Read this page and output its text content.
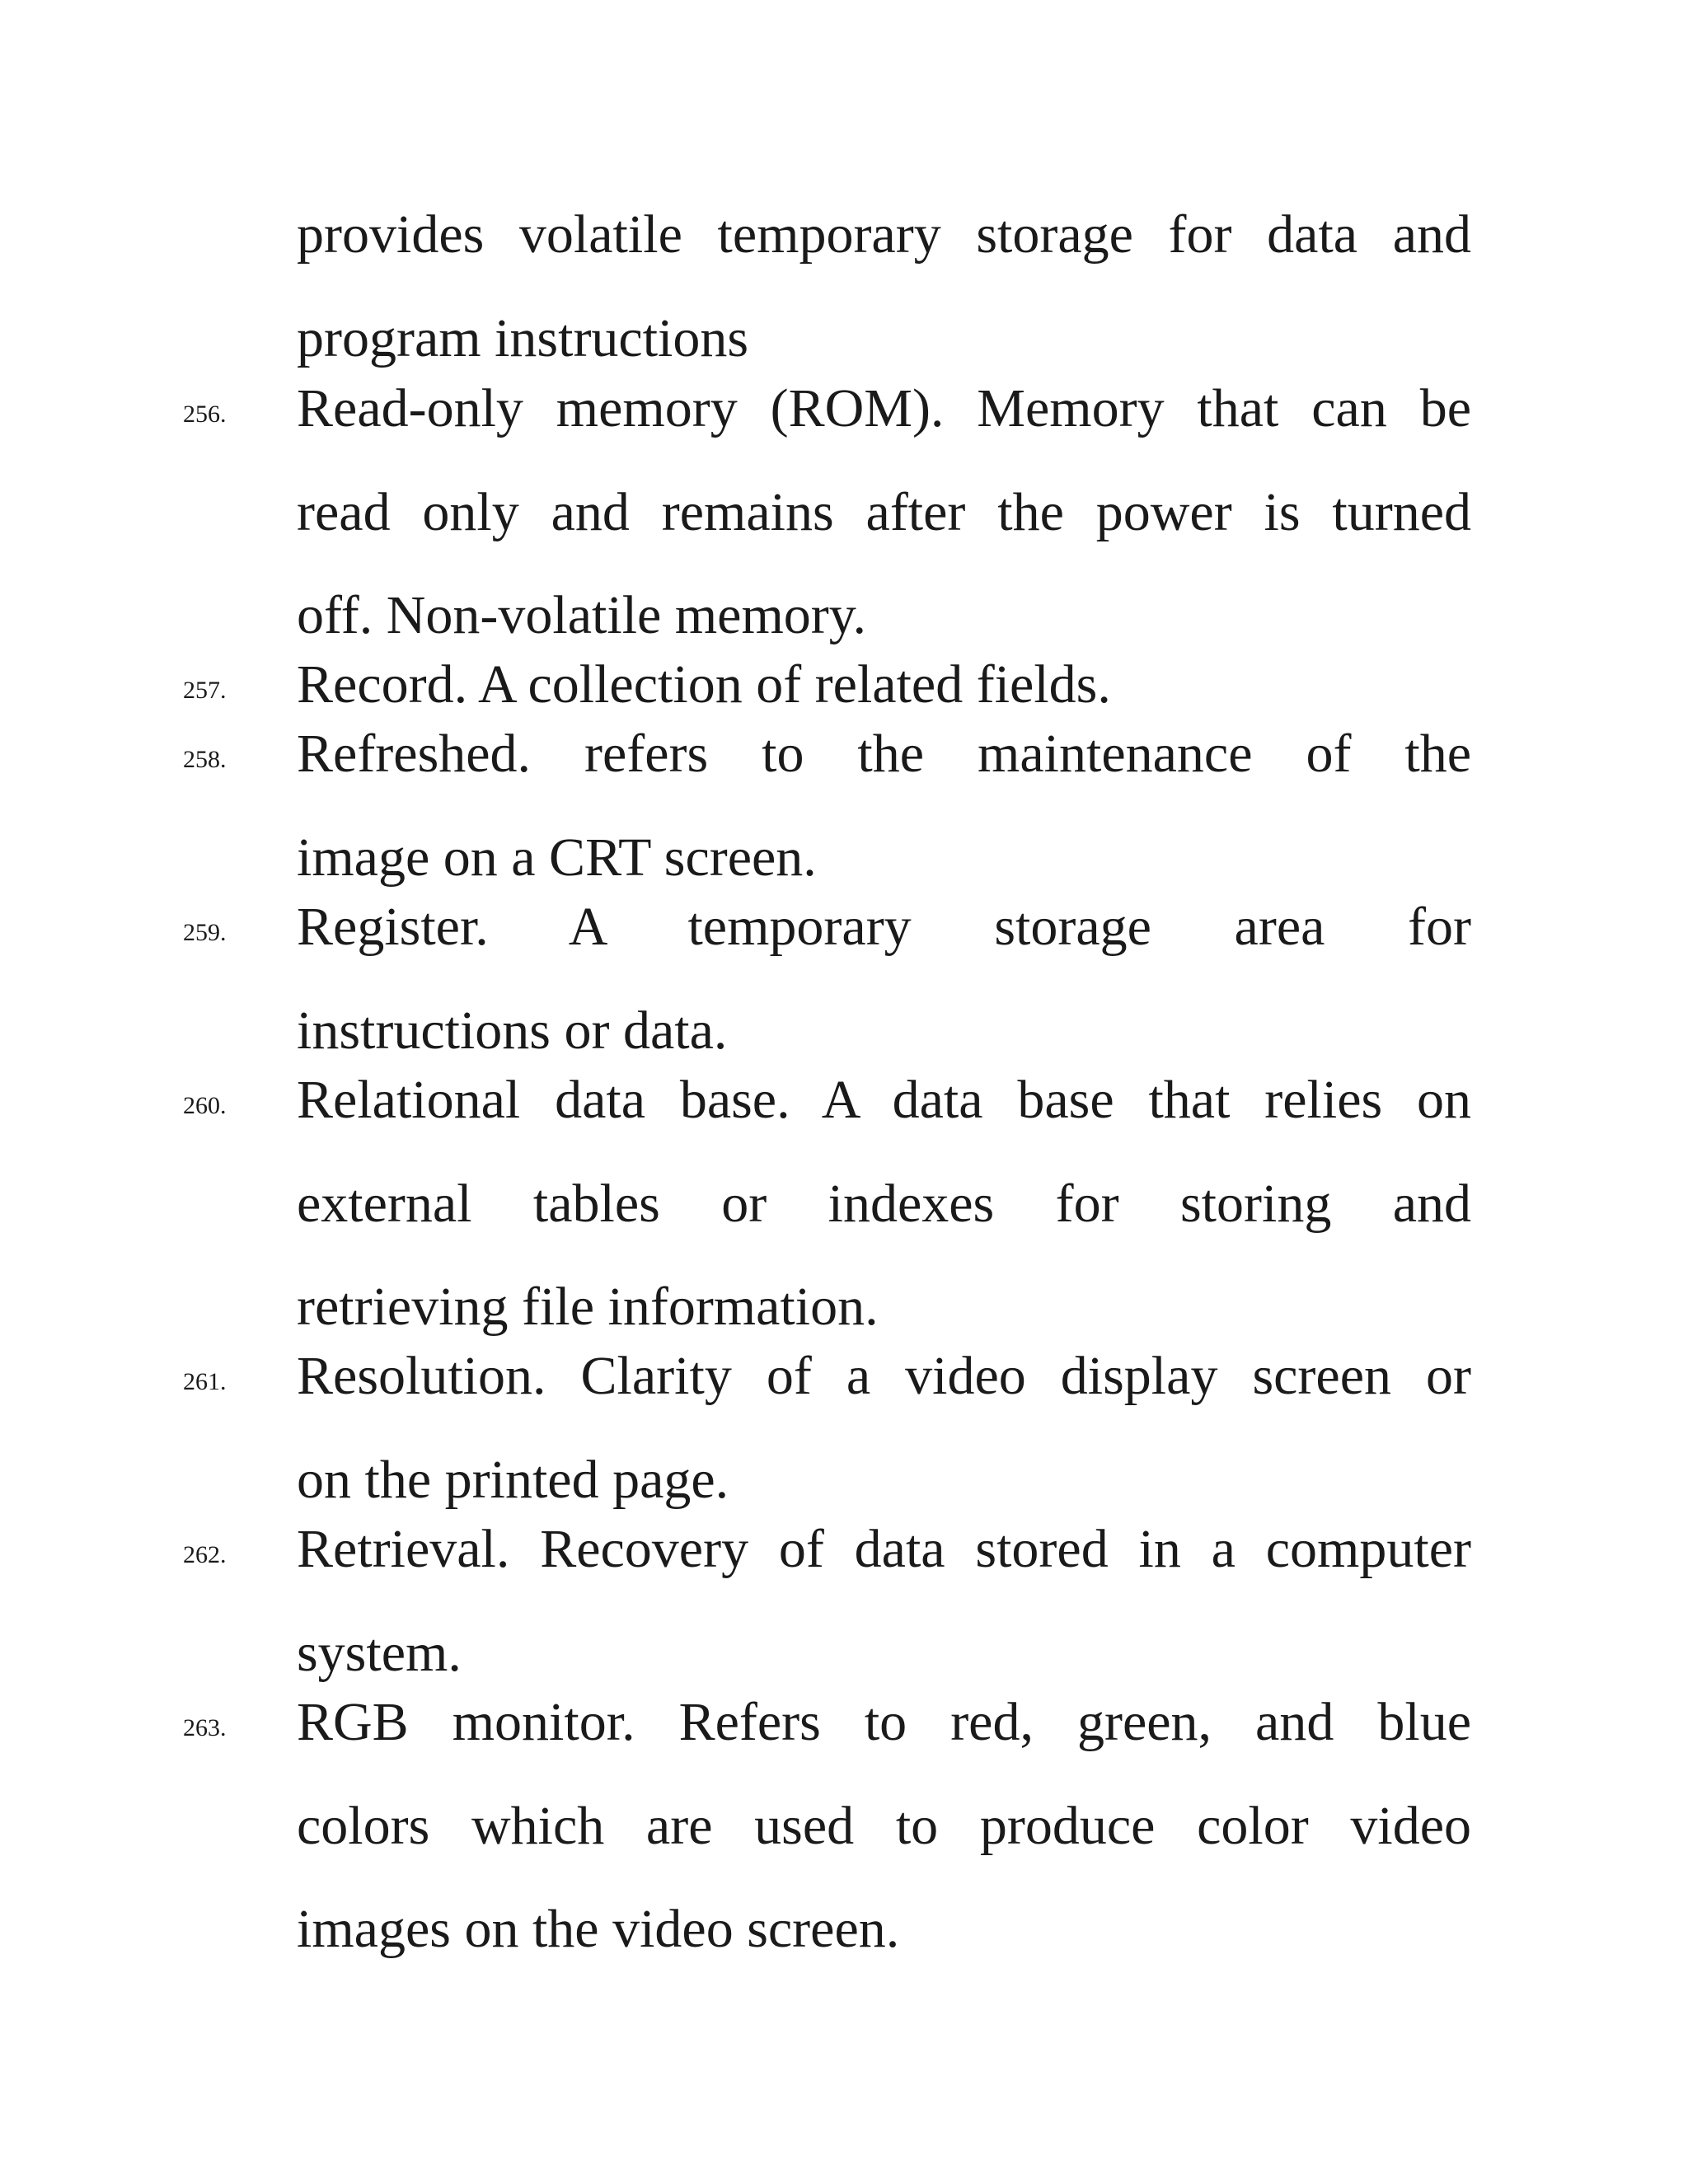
provides volatile temporary storage for data and
program instructions
256. Read-only memory (ROM). Memory that can be
read only and remains after the power is turned
off. Non-volatile memory.
257. Record. A collection of related fields.
258. Refreshed. refers to the maintenance of the
image on a CRT screen.
259. Register. A temporary storage area for
instructions or data.
260. Relational data base. A data base that relies on
external tables or indexes for storing and
retrieving file information.
261. Resolution. Clarity of a video display screen or
on the printed page.
262. Retrieval. Recovery of data stored in a computer
system.
263. RGB monitor. Refers to red, green, and blue
colors which are used to produce color video
images on the video screen.
